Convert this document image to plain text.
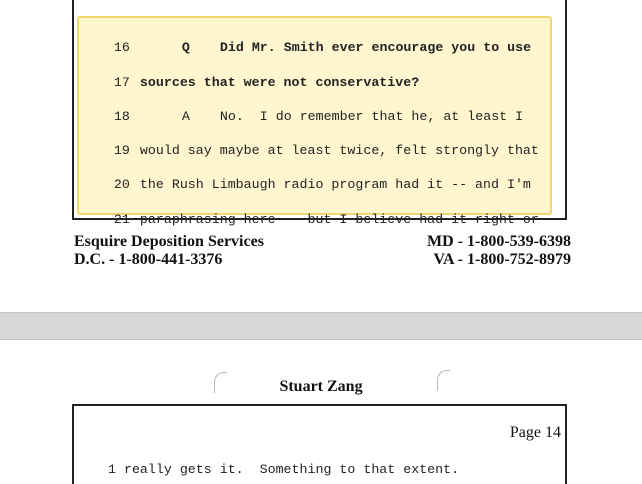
16	Q Did Mr. Smith ever encourage you to use

17 sources that were not conservative?

18	A No.  I do remember that he, at least I

19 would say maybe at least twice, felt strongly that

20 the Rush Limbaugh radio program had it -- and I'm

21 paraphrasing here -- but I believe had it right or

Esquire Deposition Services
D.C. - 1-800-441-3376
MD - 1-800-539-6398
VA - 1-800-752-8979
Stuart Zang
Page 14

1 really gets it.  Something to that extent.
